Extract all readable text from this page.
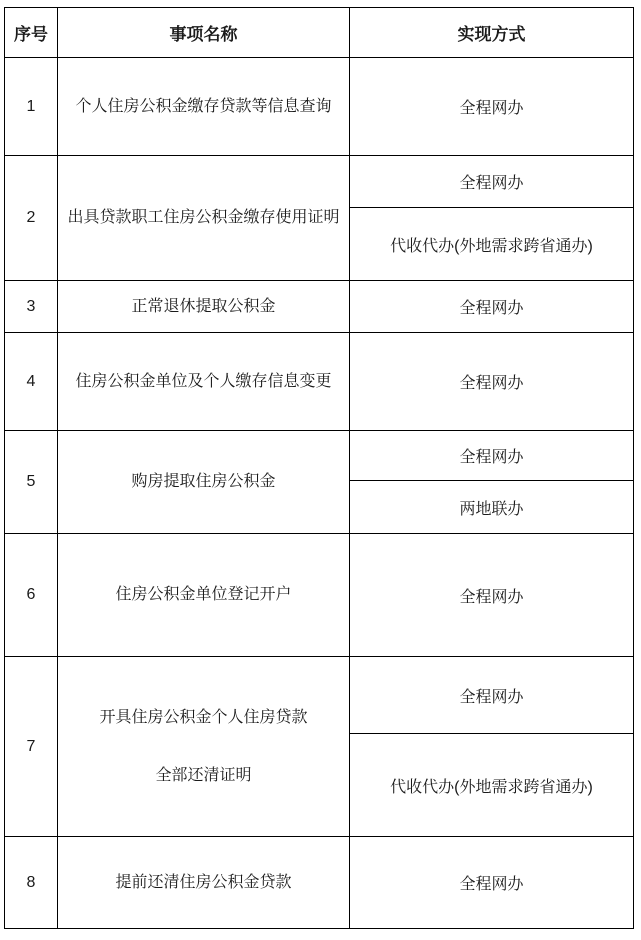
序号	事项名称	实现方式
1	个人住房公积金缴存贷款等信息查询	全程网办
2	出具贷款职工住房公积金缴存使用证明	全程网办
		代收代办(外地需求跨省通办)
3	正常退休提取公积金	全程网办
4	住房公积金单位及个人缴存信息变更	全程网办
5	购房提取住房公积金	全程网办
		两地联办
6	住房公积金单位登记开户	全程网办
7	开具住房公积金个人住房贷款
全部还清证明	全程网办
		代收代办(外地需求跨省通办)
8	提前还清住房公积金贷款	全程网办
